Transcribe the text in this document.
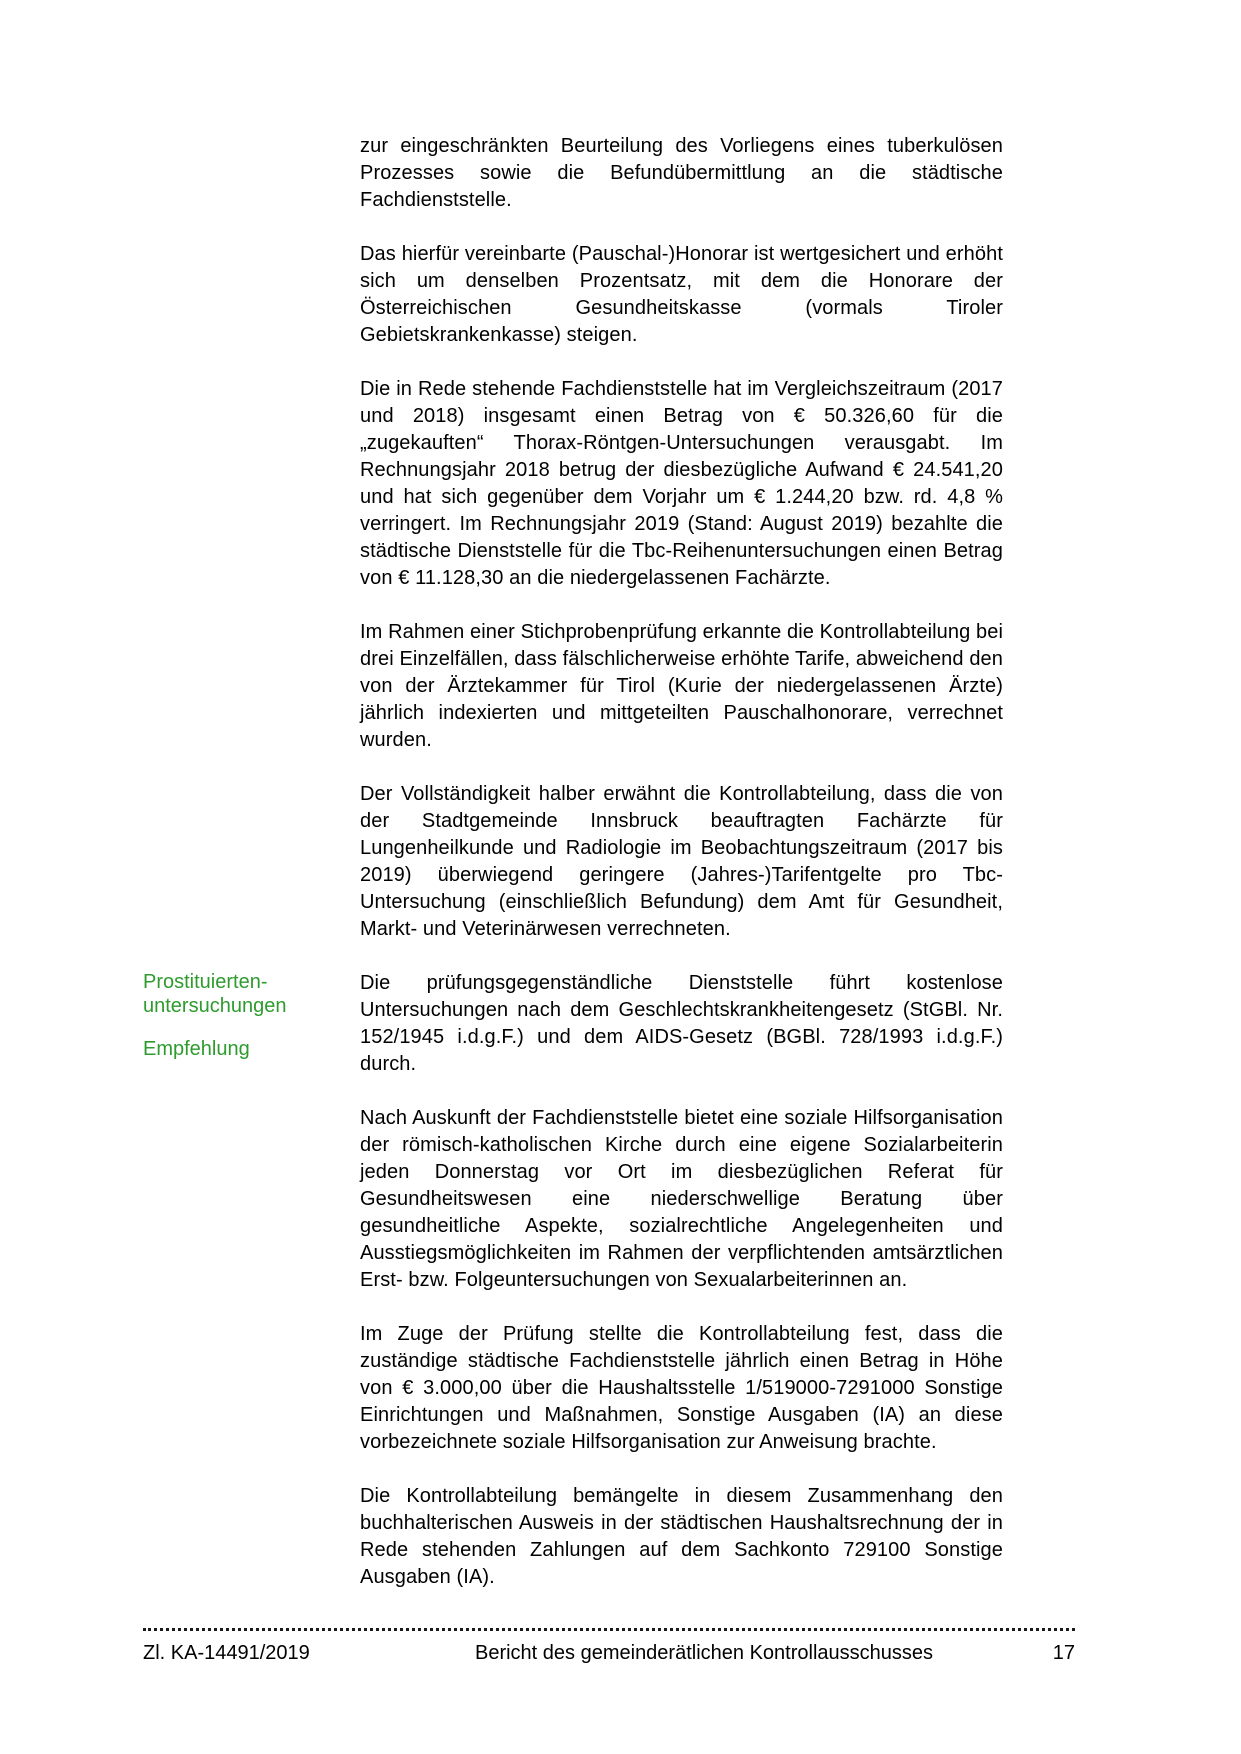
zur eingeschränkten Beurteilung des Vorliegens eines tuberkulösen Prozesses sowie die Befundübermittlung an die städtische Fachdienststelle.

Das hierfür vereinbarte (Pauschal-)Honorar ist wertgesichert und erhöht sich um denselben Prozentsatz, mit dem die Honorare der Österreichischen Gesundheitskasse (vormals Tiroler Gebietskrankenkasse) steigen.

Die in Rede stehende Fachdienststelle hat im Vergleichszeitraum (2017 und 2018) insgesamt einen Betrag von € 50.326,60 für die „zugekauften“ Thorax-Röntgen-Untersuchungen verausgabt. Im Rechnungsjahr 2018 betrug der diesbezügliche Aufwand € 24.541,20 und hat sich gegenüber dem Vorjahr um € 1.244,20 bzw. rd. 4,8 % verringert. Im Rechnungsjahr 2019 (Stand: August 2019) bezahlte die städtische Dienststelle für die Tbc-Reihenuntersuchungen einen Betrag von € 11.128,30 an die niedergelassenen Fachärzte.

Im Rahmen einer Stichprobenprüfung erkannte die Kontrollabteilung bei drei Einzelfällen, dass fälschlicherweise erhöhte Tarife, abweichend den von der Ärztekammer für Tirol (Kurie der niedergelassenen Ärzte) jährlich indexierten und mittgeteilten Pauschalhonorare, verrechnet wurden.

Der Vollständigkeit halber erwähnt die Kontrollabteilung, dass die von der Stadtgemeinde Innsbruck beauftragten Fachärzte für Lungenheilkunde und Radiologie im Beobachtungszeitraum (2017 bis 2019) überwiegend geringere (Jahres-)Tarifentgelte pro Tbc-Untersuchung (einschließlich Befundung) dem Amt für Gesundheit, Markt- und Veterinärwesen verrechneten.

Prostituierten-untersuchungen
Empfehlung

Die prüfungsgegenständliche Dienststelle führt kostenlose Untersuchungen nach dem Geschlechtskrankheitengesetz (StGBl. Nr. 152/1945 i.d.g.F.) und dem AIDS-Gesetz (BGBl. 728/1993 i.d.g.F.) durch.

Nach Auskunft der Fachdienststelle bietet eine soziale Hilfsorganisation der römisch-katholischen Kirche durch eine eigene Sozialarbeiterin jeden Donnerstag vor Ort im diesbezüglichen Referat für Gesundheitswesen eine niederschwellige Beratung über gesundheitliche Aspekte, sozialrechtliche Angelegenheiten und Ausstiegsmöglichkeiten im Rahmen der verpflichtenden amtsärztlichen Erst- bzw. Folgeuntersuchungen von Sexualarbeiterinnen an.

Im Zuge der Prüfung stellte die Kontrollabteilung fest, dass die zuständige städtische Fachdienststelle jährlich einen Betrag in Höhe von € 3.000,00 über die Haushaltsstelle 1/519000-7291000 Sonstige Einrichtungen und Maßnahmen, Sonstige Ausgaben (IA) an diese vorbezeichnete soziale Hilfsorganisation zur Anweisung brachte.

Die Kontrollabteilung bemängelte in diesem Zusammenhang den buchhalterischen Ausweis in der städtischen Haushaltsrechnung der in Rede stehenden Zahlungen auf dem Sachkonto 729100 Sonstige Ausgaben (IA).

Zl. KA-14491/2019	Bericht des gemeinderätlichen Kontrollausschusses	17
